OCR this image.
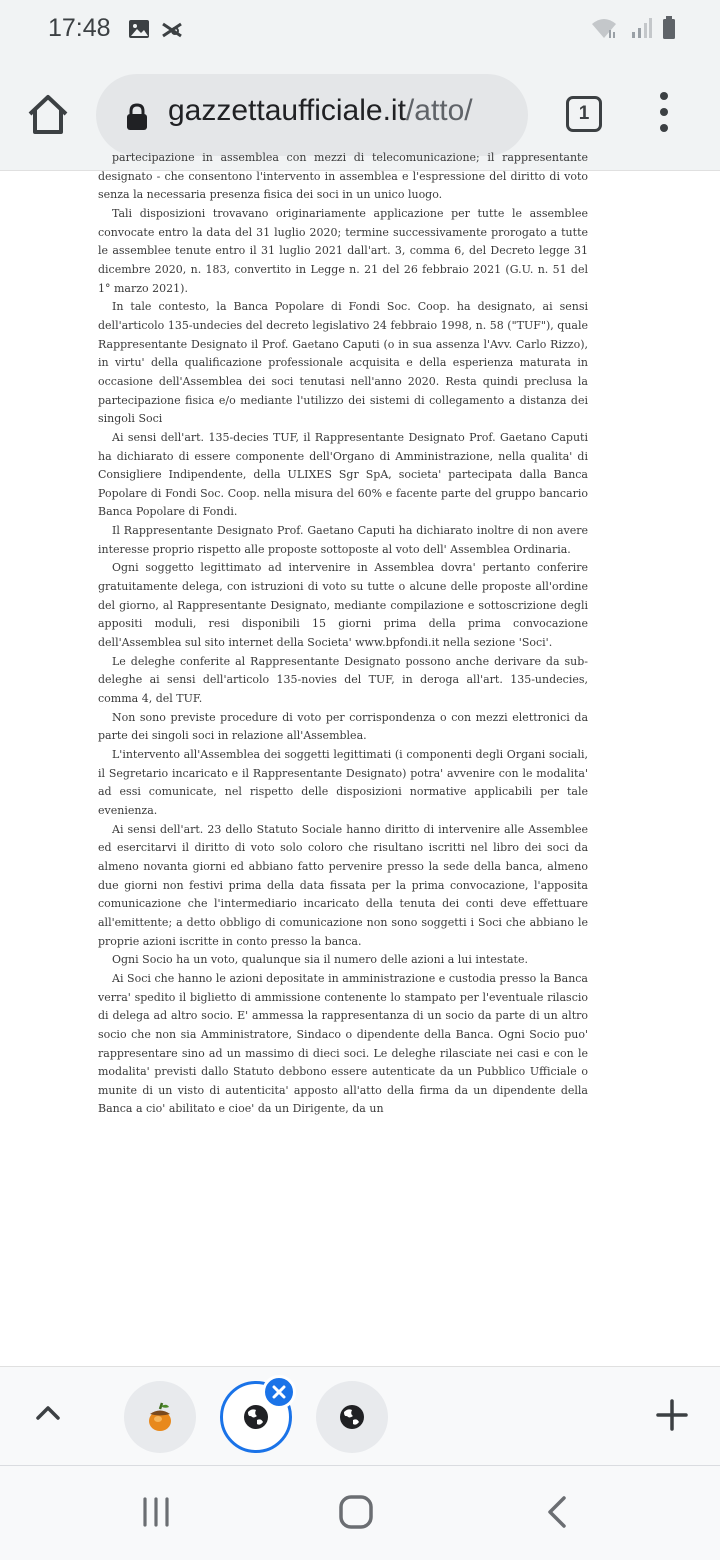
17:48
gazzettaufficiale.it/atto/	1

partecipazione in assemblea con mezzi di telecomunicazione; il rappresentante designato - che consentono l'intervento in assemblea e l'espressione del diritto di voto senza la necessaria presenza fisica dei soci in un unico luogo.

Tali disposizioni trovavano originariamente applicazione per tutte le assemblee convocate entro la data del 31 luglio 2020; termine successivamente prorogato a tutte le assemblee tenute entro il 31 luglio 2021 dall'art. 3, comma 6, del Decreto legge 31 dicembre 2020, n. 183, convertito in Legge n. 21 del 26 febbraio 2021 (G.U. n. 51 del 1° marzo 2021).

In tale contesto, la Banca Popolare di Fondi Soc. Coop. ha designato, ai sensi dell'articolo 135-undecies del decreto legislativo 24 febbraio 1998, n. 58 ("TUF"), quale Rappresentante Designato il Prof. Gaetano Caputi (o in sua assenza l'Avv. Carlo Rizzo), in virtu' della qualificazione professionale acquisita e della esperienza maturata in occasione dell'Assemblea dei soci tenutasi nell'anno 2020. Resta quindi preclusa la partecipazione fisica e/o mediante l'utilizzo dei sistemi di collegamento a distanza dei singoli Soci

Ai sensi dell'art. 135-decies TUF, il Rappresentante Designato Prof. Gaetano Caputi ha dichiarato di essere componente dell'Organo di Amministrazione, nella qualita' di Consigliere Indipendente, della ULIXES Sgr SpA, societa' partecipata dalla Banca Popolare di Fondi Soc. Coop. nella misura del 60% e facente parte del gruppo bancario Banca Popolare di Fondi.

Il Rappresentante Designato Prof. Gaetano Caputi ha dichiarato inoltre di non avere interesse proprio rispetto alle proposte sottoposte al voto dell' Assemblea Ordinaria.

Ogni soggetto legittimato ad intervenire in Assemblea dovra' pertanto conferire gratuitamente delega, con istruzioni di voto su tutte o alcune delle proposte all'ordine del giorno, al Rappresentante Designato, mediante compilazione e sottoscrizione degli appositi moduli, resi disponibili 15 giorni prima della prima convocazione dell'Assemblea sul sito internet della Societa' www.bpfondi.it nella sezione 'Soci'.

Le deleghe conferite al Rappresentante Designato possono anche derivare da sub-deleghe ai sensi dell'articolo 135-novies del TUF, in deroga all'art. 135-undecies, comma 4, del TUF.

Non sono previste procedure di voto per corrispondenza o con mezzi elettronici da parte dei singoli soci in relazione all'Assemblea.

L'intervento all'Assemblea dei soggetti legittimati (i componenti degli Organi sociali, il Segretario incaricato e il Rappresentante Designato) potra' avvenire con le modalita' ad essi comunicate, nel rispetto delle disposizioni normative applicabili per tale evenienza.

Ai sensi dell'art. 23 dello Statuto Sociale hanno diritto di intervenire alle Assemblee ed esercitarvi il diritto di voto solo coloro che risultano iscritti nel libro dei soci da almeno novanta giorni ed abbiano fatto pervenire presso la sede della banca, almeno due giorni non festivi prima della data fissata per la prima convocazione, l'apposita comunicazione che l'intermediario incaricato della tenuta dei conti deve effettuare all'emittente; a detto obbligo di comunicazione non sono soggetti i Soci che abbiano le proprie azioni iscritte in conto presso la banca.

Ogni Socio ha un voto, qualunque sia il numero delle azioni a lui intestate.

Ai Soci che hanno le azioni depositate in amministrazione e custodia presso la Banca verra' spedito il biglietto di ammissione contenente lo stampato per l'eventuale rilascio di delega ad altro socio. E' ammessa la rappresentanza di un socio da parte di un altro socio che non sia Amministratore, Sindaco o dipendente della Banca. Ogni Socio puo' rappresentare sino ad un massimo di dieci soci. Le deleghe rilasciate nei casi e con le modalita' previsti dallo Statuto debbono essere autenticate da un Pubblico Ufficiale o munite di un visto di autenticita' apposto all'atto della firma da un dipendente della Banca a cio' abilitato e cioe' da un Dirigente, da un
